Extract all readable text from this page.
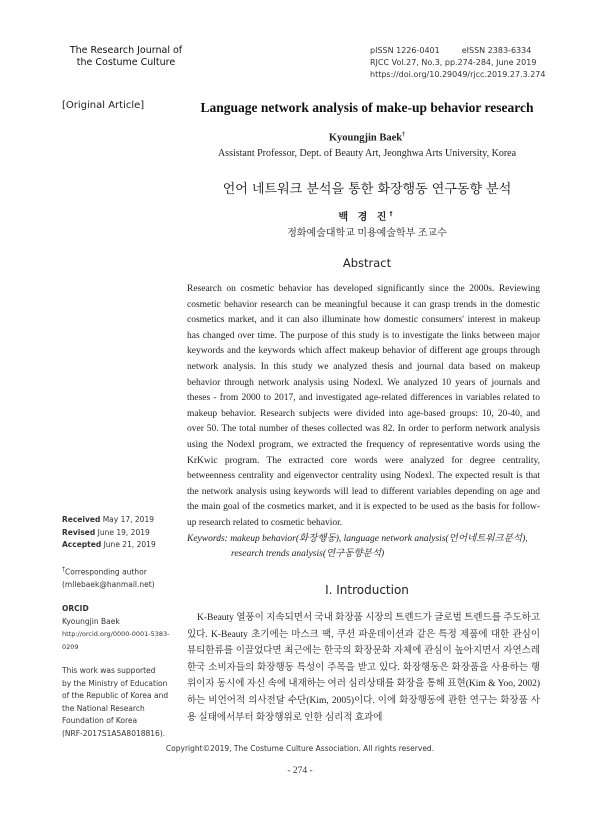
The Research Journal of
the Costume Culture
pISSN 1226-0401	eISSN 2383-6334
RJCC Vol.27, No.3, pp.274-284, June 2019
https://doi.org/10.29049/rjcc.2019.27.3.274
[Original Article]	Language network analysis of make-up behavior research
Kyoungjin Baek†
Assistant Professor, Dept. of Beauty Art, Jeonghwa Arts University, Korea
언어 네트워크 분석을 통한 화장행동 연구동향 분석
백 경 진†
정화예술대학교 미용예술학부 조교수
Abstract
Research on cosmetic behavior has developed significantly since the 2000s. Reviewing cosmetic behavior research can be meaningful because it can grasp trends in the domestic cosmetics market, and it can also illuminate how domestic consumers' interest in makeup has changed over time. The purpose of this study is to investigate the links between major keywords and the keywords which affect makeup behavior of different age groups through network analysis. In this study we analyzed thesis and journal data based on makeup behavior through network analysis using Nodexl. We analyzed 10 years of journals and theses - from 2000 to 2017, and investigated age-related differences in variables related to makeup behavior. Research subjects were divided into age-based groups: 10, 20-40, and over 50. The total number of theses collected was 82. In order to perform network analysis using the Nodexl program, we extracted the frequency of representative words using the KrKwic program. The extracted core words were analyzed for degree centrality, betweenness centrality and eigenvector centrality using Nodexl. The expected result is that the network analysis using keywords will lead to different variables depending on age and the main goal of the cosmetics market, and it is expected to be used as the basis for follow-up research related to cosmetic behavior.
Keywords: makeup behavior(화장행동), language network analysis(언어네트워크분석),
research trends analysis(연구동향분석)
Received May 17, 2019
Revised June 19, 2019
Accepted June 21, 2019
†Corresponding author
(mllebaek@hanmail.net)
ORCID
Kyoungjin Baek
http://orcid.org/0000-0001-5383-0209
This work was supported
by the Ministry of Education
of the Republic of Korea and
the National Research
Foundation of Korea
(NRF-2017S1A5A8018816).
I. Introduction

K-Beauty 열풍이 지속되면서 국내 화장품 시장의 트렌드가 글로벌 트렌드를 주도하고 있다. K-Beauty 초기에는 마스크 팩, 쿠션 파운데이션과 같은 특정 제품에 대한 관심이 뷰티한류를 이끌었다면 최근에는 한국의 화장문화 자체에 관심이 높아지면서 자연스레 한국 소비자들의 화장행동 특성이 주목을 받고 있다. 화장행동은 화장품을 사용하는 행위이자 동시에 자신 속에 내재하는 여러 심리상태를 화장을 통해 표현(Kim & Yoo, 2002)하는 비언어적 의사전달 수단(Kim, 2005)이다. 이에 화장행동에 관한 연구는 화장품 사용 실태에서부터 화장행위로 인한 심리적 효과에

Copyright©2019, The Costume Culture Association. All rights reserved.
- 274 -
